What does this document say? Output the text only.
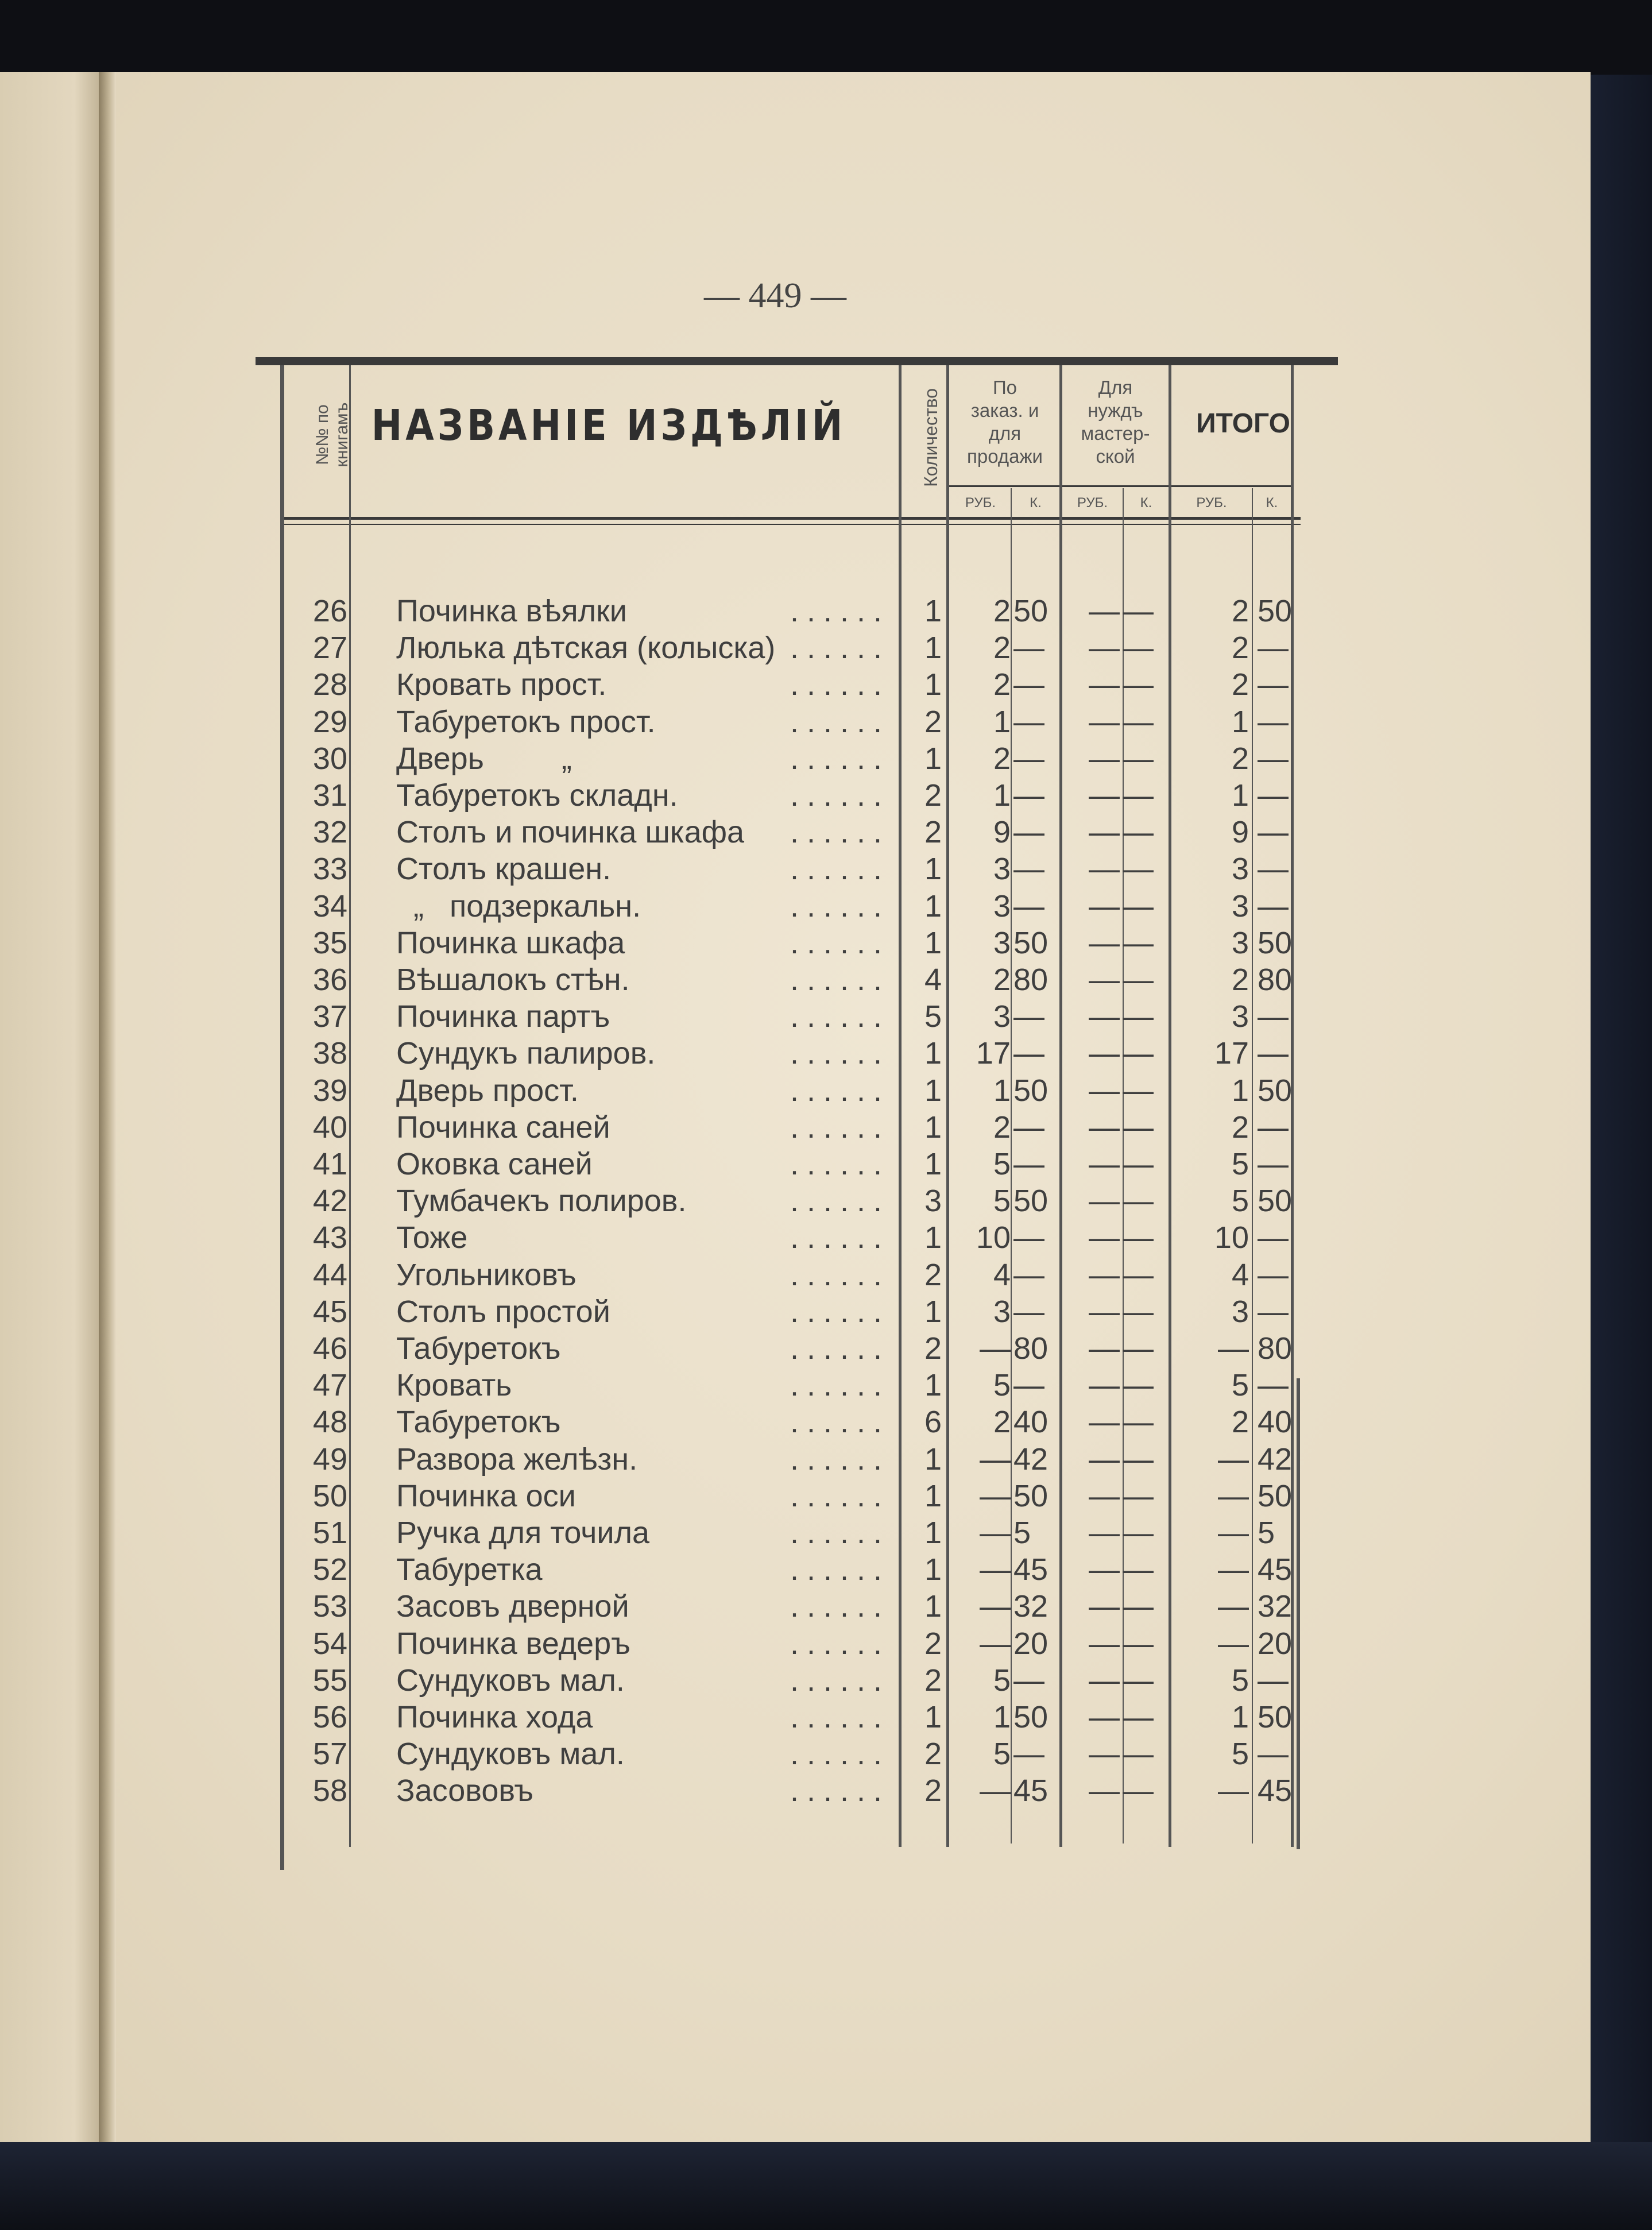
— 449 —
№№ по книгамъ НАЗВАНІЕ ИЗДѢЛІЙ	Количество
По
заказ. и
для
продажи
Для
нуждъ
мастер-
ской
ИТОГО
РУБ.	К.	РУБ.	К.	РУБ.	К.
......
26 Починка вѣялки	1	2 50	— —	2 50
......
27 Люлька дѣтская (колыска)	1	2 —	— —	2 —
......
28 Кровать прост.	1	2 —	— —	2 —
......
29 Табуретокъ прост.	2	1 —	— —	1 —
......
30 Дверь         „	1	2 —	— —	2 —
......
31 Табуретокъ складн.	2	1 —	— —	1 —
......
32 Столъ и починка шкафа	2	9 —	— —	9 —
......
33 Столъ крашен.	1	3 —	— —	3 —
......
34 „   подзеркальн.	1	3 —	— —	3 —
......
35 Починка шкафа	1	3 50	— —	3 50
......
36 Вѣшалокъ стѣн.	4	2 80	— —	2 80
......
37 Починка партъ	5	3 —	— —	3 —
......
38 Сундукъ палиров.	1	17 —	— —	17 —
......
39 Дверь прост.	1	1 50	— —	1 50
......
40 Починка саней	1	2 —	— —	2 —
......
41 Оковка саней	1	5 —	— —	5 —
......
42 Тумбачекъ полиров.	3	5 50	— —	5 50
......
43 Тоже	1	10 —	— —	10 —
......
44 Угольниковъ	2	4 —	— —	4 —
......
45 Столъ простой	1	3 —	— —	3 —
......
46 Табуретокъ	2	— 80	— —	— 80
......
47 Кровать	1	5 —	— —	5 —
......
48 Табуретокъ	6	2 40	— —	2 40
......
49 Развора желѣзн.	1	— 42	— —	— 42
......
50 Починка оси	1	— 50	— —	— 50
......
51 Ручка для точила	1	— 5	— —	— 5
......
52 Табуретка	1	— 45	— —	— 45
......
53 Засовъ дверной	1	— 32	— —	— 32
......
54 Починка ведеръ	2	— 20	— —	— 20
......
55 Сундуковъ мал.	2	5 —	— —	5 —
......
56 Починка хода	1	1 50	— —	1 50
......
57 Сундуковъ мал.	2	5 —	— —	5 —
......
58 Засововъ	2	— 45	— —	— 45
